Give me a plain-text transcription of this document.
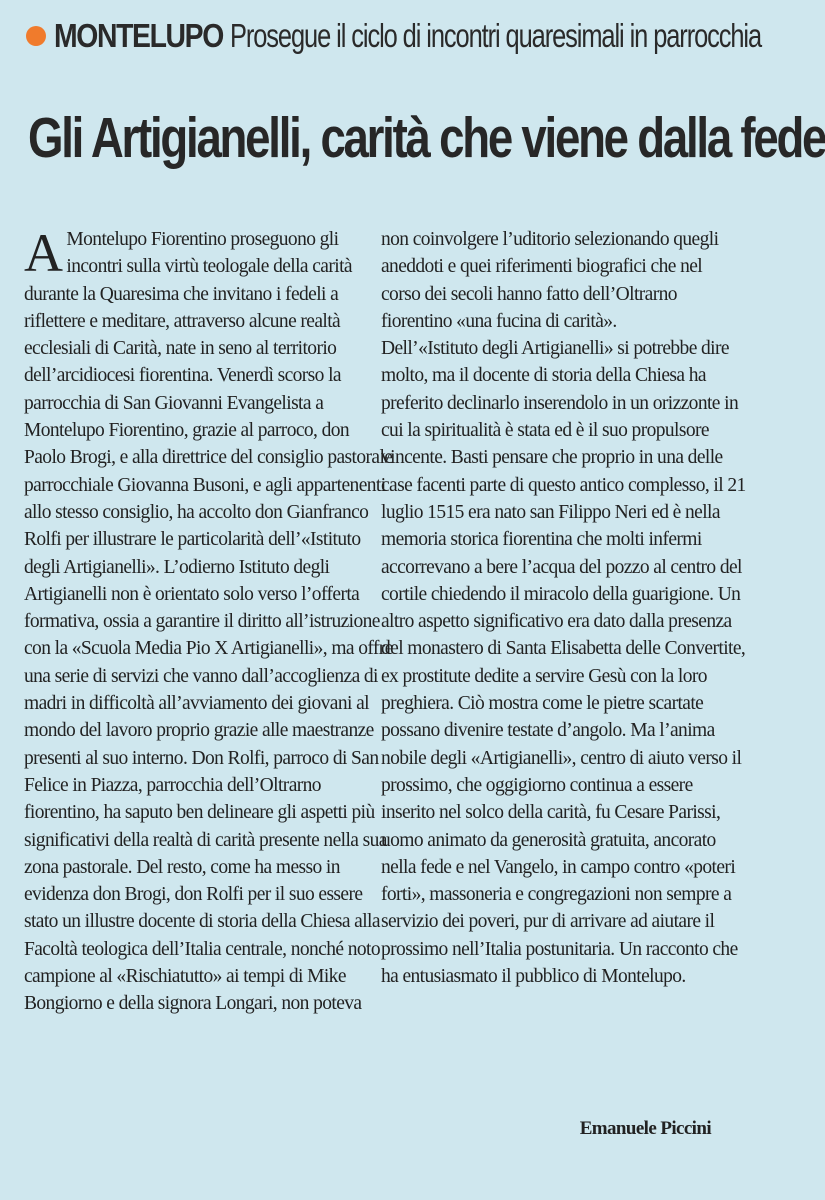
MONTELUPO Prosegue il ciclo di incontri quaresimali in parrocchia
Gli Artigianelli, carità che viene dalla fede
A Montelupo Fiorentino proseguono gli
incontri sulla virtù teologale della carità
durante la Quaresima che invitano i fedeli a
riflettere e meditare, attraverso alcune realtà
ecclesiali di Carità, nate in seno al territorio
dell’arcidiocesi fiorentina. Venerdì scorso la
parrocchia di San Giovanni Evangelista a
Montelupo Fiorentino, grazie al parroco, don
Paolo Brogi, e alla direttrice del consiglio pastorale
parrocchiale Giovanna Busoni, e agli appartenenti
allo stesso consiglio, ha accolto don Gianfranco
Rolfi per illustrare le particolarità dell’«Istituto
degli Artigianelli». L’odierno Istituto degli
Artigianelli non è orientato solo verso l’offerta
formativa, ossia a garantire il diritto all’istruzione
con la «Scuola Media Pio X Artigianelli», ma offre
una serie di servizi che vanno dall’accoglienza di
madri in difficoltà all’avviamento dei giovani al
mondo del lavoro proprio grazie alle maestranze
presenti al suo interno. Don Rolfi, parroco di San
Felice in Piazza, parrocchia dell’Oltrarno
fiorentino, ha saputo ben delineare gli aspetti più
significativi della realtà di carità presente nella sua
zona pastorale. Del resto, come ha messo in
evidenza don Brogi, don Rolfi per il suo essere
stato un illustre docente di storia della Chiesa alla
Facoltà teologica dell’Italia centrale, nonché noto
campione al «Rischiatutto» ai tempi di Mike
Bongiorno e della signora Longari, non poteva
non coinvolgere l’uditorio selezionando quegli
aneddoti e quei riferimenti biografici che nel
corso dei secoli hanno fatto dell’Oltrarno
fiorentino «una fucina di carità».
Dell’«Istituto degli Artigianelli» si potrebbe dire
molto, ma il docente di storia della Chiesa ha
preferito declinarlo inserendolo in un orizzonte in
cui la spiritualità è stata ed è il suo propulsore
vincente. Basti pensare che proprio in una delle
case facenti parte di questo antico complesso, il 21
luglio 1515 era nato san Filippo Neri ed è nella
memoria storica fiorentina che molti infermi
accorrevano a bere l’acqua del pozzo al centro del
cortile chiedendo il miracolo della guarigione. Un
altro aspetto significativo era dato dalla presenza
del monastero di Santa Elisabetta delle Convertite,
ex prostitute dedite a servire Gesù con la loro
preghiera. Ciò mostra come le pietre scartate
possano divenire testate d’angolo. Ma l’anima
nobile degli «Artigianelli», centro di aiuto verso il
prossimo, che oggigiorno continua a essere
inserito nel solco della carità, fu Cesare Parissi,
uomo animato da generosità gratuita, ancorato
nella fede e nel Vangelo, in campo contro «poteri
forti», massoneria e congregazioni non sempre a
servizio dei poveri, pur di arrivare ad aiutare il
prossimo nell’Italia postunitaria. Un racconto che
ha entusiasmato il pubblico di Montelupo.
Emanuele Piccini
